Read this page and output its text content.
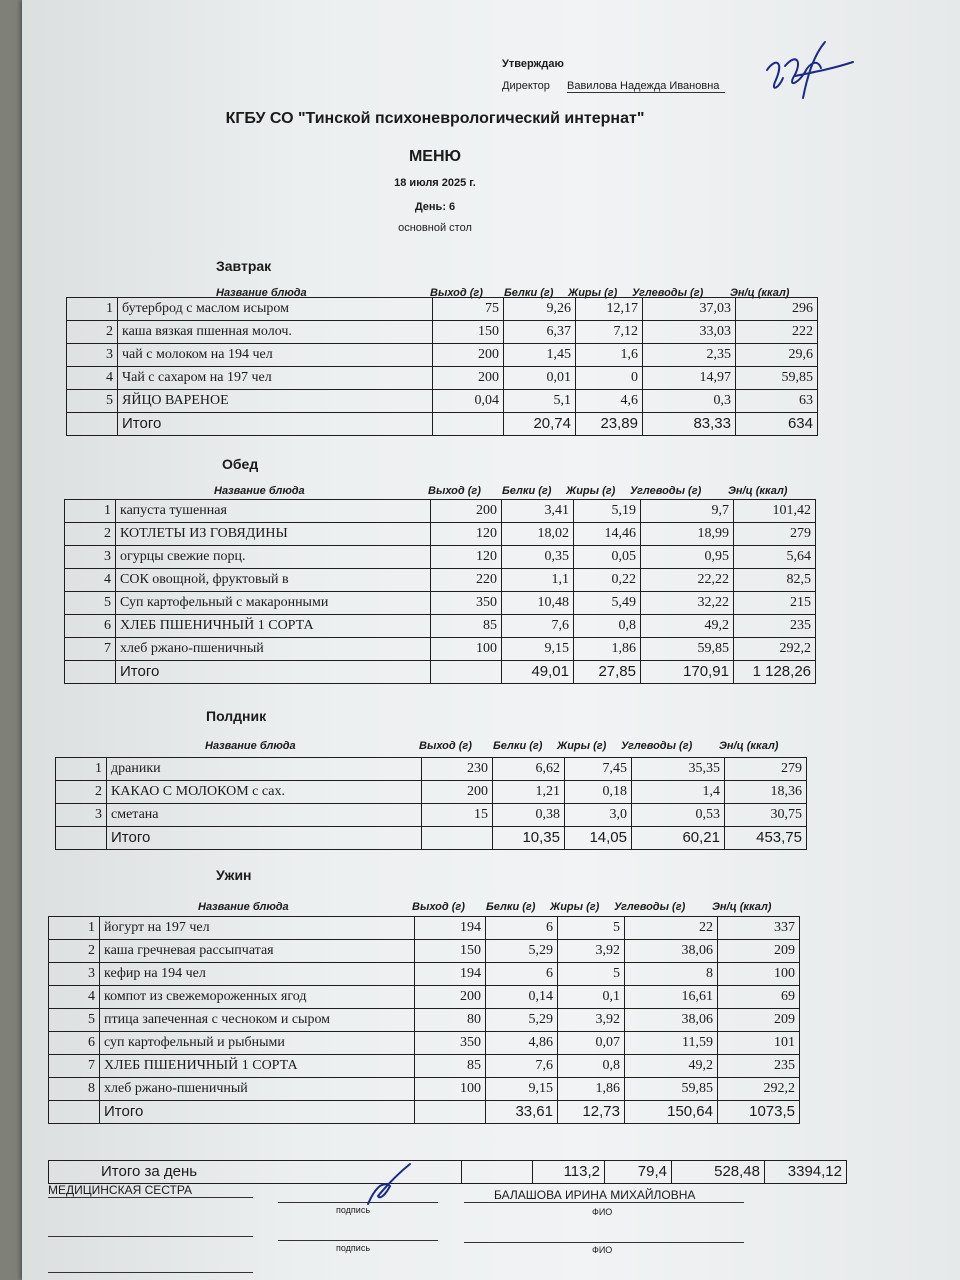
Утверждаю
Директор Вавилова Надежда Ивановна
КГБУ СО "Тинской психоневрологический интернат"
МЕНЮ
18 июля 2025 г.
День: 6
основной стол
Завтрак
Название блюда	Выход (г) Белки (г) Жиры (г) Углеводы (г) Эн/ц (ккал)
1	бутерброд с маслом исыром	75	9,26	12,17	37,03	296
2	каша вязкая пшенная молоч.	150	6,37	7,12	33,03	222
3	чай с молоком на 194 чел	200	1,45	1,6	2,35	29,6
4	Чай с сахаром на 197 чел	200	0,01	0	14,97	59,85
5	ЯЙЦО ВАРЕНОЕ	0,04	5,1	4,6	0,3	63
	Итого		20,74	23,89	83,33	634
Обед
Название блюда	Выход (г) Белки (г) Жиры (г) Углеводы (г) Эн/ц (ккал)
1	капуста тушенная	200	3,41	5,19	9,7	101,42
2	КОТЛЕТЫ ИЗ ГОВЯДИНЫ	120	18,02	14,46	18,99	279
3	огурцы свежие порц.	120	0,35	0,05	0,95	5,64
4	СОК овощной, фруктовый в	220	1,1	0,22	22,22	82,5
5	Суп картофельный с макаронными	350	10,48	5,49	32,22	215
6	ХЛЕБ ПШЕНИЧНЫЙ 1 СОРТА	85	7,6	0,8	49,2	235
7	хлеб ржано-пшеничный	100	9,15	1,86	59,85	292,2
	Итого		49,01	27,85	170,91	1 128,26
Полдник
Название блюда	Выход (г) Белки (г) Жиры (г) Углеводы (г) Эн/ц (ккал)
1	драники	230	6,62	7,45	35,35	279
2	КАКАО С МОЛОКОМ с сах.	200	1,21	0,18	1,4	18,36
3	сметана	15	0,38	3,0	0,53	30,75
	Итого		10,35	14,05	60,21	453,75
Ужин
Название блюда	Выход (г) Белки (г) Жиры (г) Углеводы (г) Эн/ц (ккал)
1	йогурт на 197 чел	194	6	5	22	337
2	каша гречневая рассыпчатая	150	5,29	3,92	38,06	209
3	кефир на 194 чел	194	6	5	8	100
4	компот из свежемороженных ягод	200	0,14	0,1	16,61	69
5	птица запеченная с чесноком и сыром	80	5,29	3,92	38,06	209
6	суп картофельный и рыбными	350	4,86	0,07	11,59	101
7	ХЛЕБ ПШЕНИЧНЫЙ 1 СОРТА	85	7,6	0,8	49,2	235
8	хлеб ржано-пшеничный	100	9,15	1,86	59,85	292,2
	Итого		33,61	12,73	150,64	1073,5
Итого за день		113,2	79,4	528,48	3394,12
МЕДИЦИНСКАЯ СЕСТРА	БАЛАШОВА ИРИНА МИХАЙЛОВНА
подпись	ФИО
подпись	ФИО
